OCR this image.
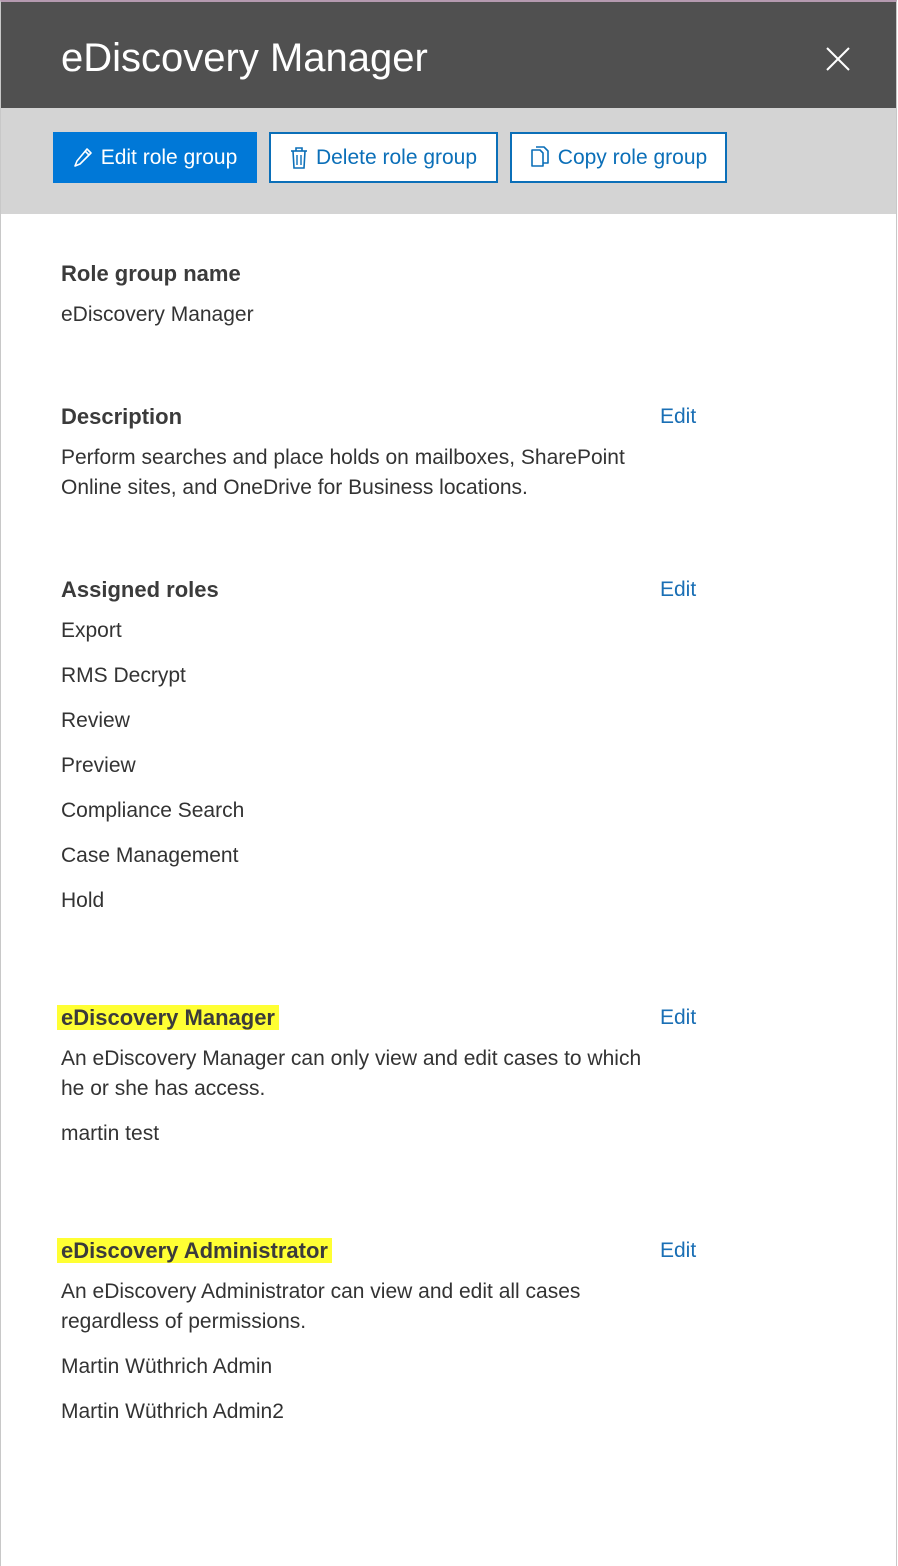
eDiscovery Manager
Edit role group	Delete role group	Copy role group
Role group name
eDiscovery Manager
Description	Edit
Perform searches and place holds on mailboxes, SharePoint
Online sites, and OneDrive for Business locations.
Assigned roles	Edit
Export
RMS Decrypt
Review
Preview
Compliance Search
Case Management
Hold
eDiscovery Manager	Edit
An eDiscovery Manager can only view and edit cases to which
he or she has access.
martin test
eDiscovery Administrator	Edit
An eDiscovery Administrator can view and edit all cases
regardless of permissions.
Martin Wüthrich Admin
Martin Wüthrich Admin2
